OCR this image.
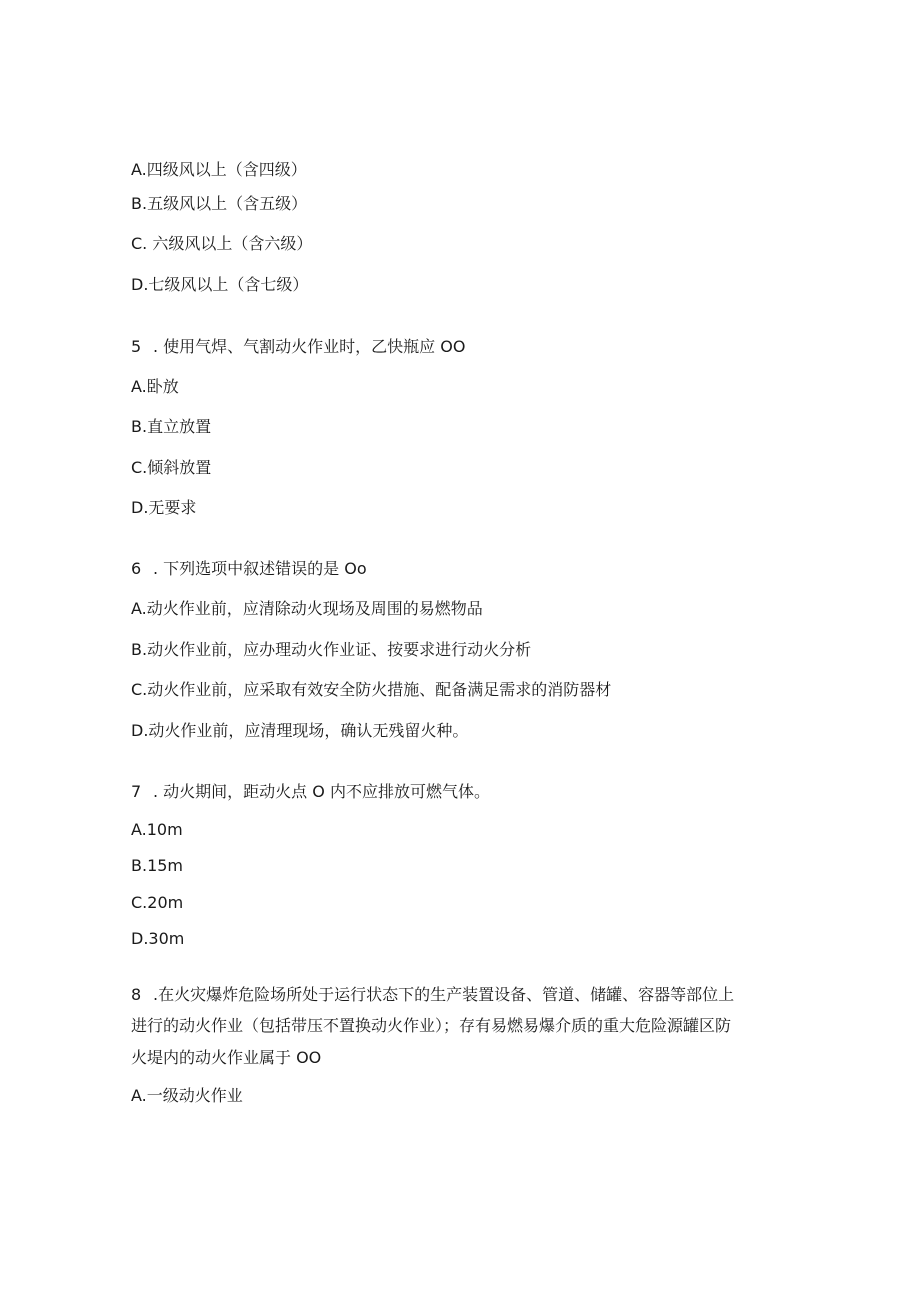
A.四级风以上（含四级）

B.五级风以上（含五级）

C. 六级风以上（含六级）

D.七级风以上（含七级）

5 . 使用气焊、气割动火作业时，乙快瓶应 OO

A.卧放

B.直立放置

C.倾斜放置

D.无要求

6 . 下列选项中叙述错误的是 Oo

A.动火作业前，应清除动火现场及周围的易燃物品

B.动火作业前，应办理动火作业证、按要求进行动火分析

C.动火作业前，应采取有效安全防火措施、配备满足需求的消防器材

D.动火作业前，应清理现场，确认无残留火种。

7 . 动火期间，距动火点 O 内不应排放可燃气体。

A.10m

B.15m

C.20m

D.30m

8 .在火灾爆炸危险场所处于运行状态下的生产装置设备、管道、储罐、容器等部位上

进行的动火作业（包括带压不置换动火作业）；存有易燃易爆介质的重大危险源罐区防

火堤内的动火作业属于 OO

A.一级动火作业
